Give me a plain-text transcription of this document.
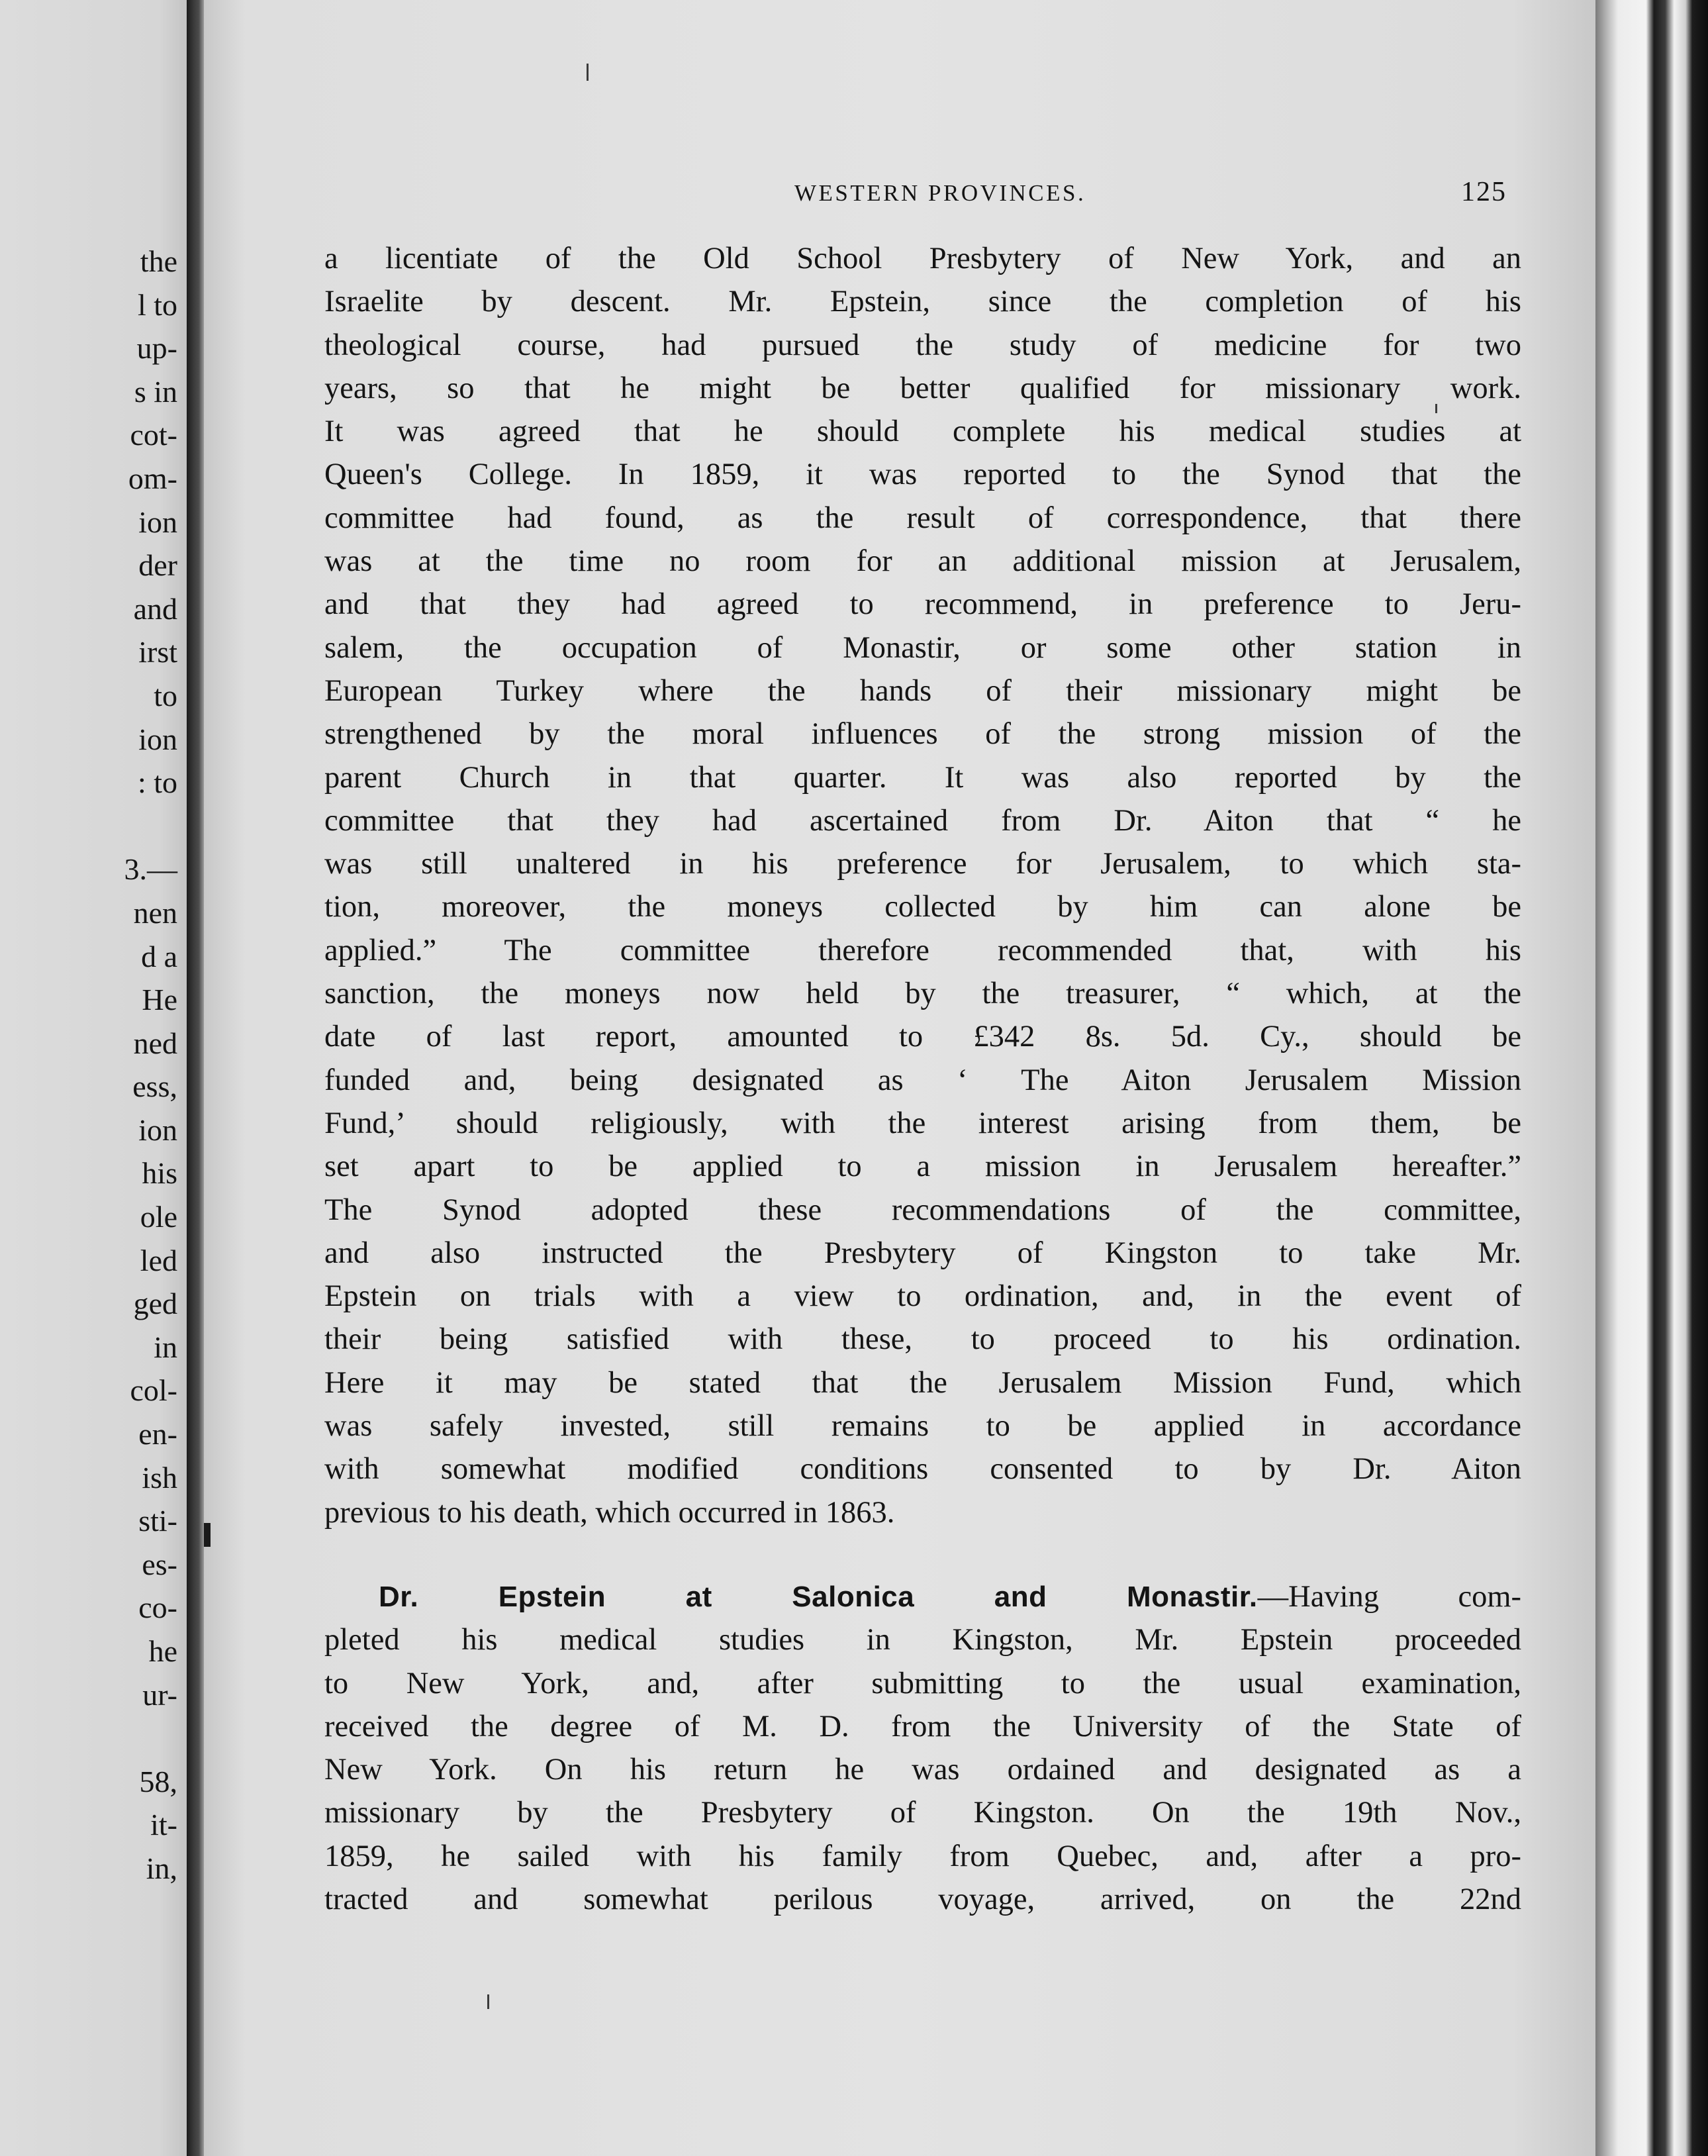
the
l to
up-
s in
cot-
om-
ion
der
and
irst
to
ion
: to
3.—
nen
d a
He
ned
ess,
ion
his
ole
led
ged
in
col-
en-
ish
sti-
es-
co-
he
ur-
58,
it-
in,
WESTERN PROVINCES.	125
a licentiate of the Old School Presbytery of New York, and an
Israelite by descent. Mr. Epstein, since the completion of his
theological course, had pursued the study of medicine for two
years, so that he might be better qualified for missionary work.
It was agreed that he should complete his medical studies at
Queen's College. In 1859, it was reported to the Synod that the
committee had found, as the result of correspondence, that there
was at the time no room for an additional mission at Jerusalem,
and that they had agreed to recommend, in preference to Jeru-
salem, the occupation of Monastir, or some other station in
European Turkey where the hands of their missionary might be
strengthened by the moral influences of the strong mission of the
parent Church in that quarter. It was also reported by the
committee that they had ascertained from Dr. Aiton that “ he
was still unaltered in his preference for Jerusalem, to which sta-
tion, moreover, the moneys collected by him can alone be
applied.” The committee therefore recommended that, with his
sanction, the moneys now held by the treasurer, “ which, at the
date of last report, amounted to £342 8s. 5d. Cy., should be
funded and, being designated as ‘ The Aiton Jerusalem Mission
Fund,’ should religiously, with the interest arising from them, be
set apart to be applied to a mission in Jerusalem hereafter.”
The Synod adopted these recommendations of the committee,
and also instructed the Presbytery of Kingston to take Mr.
Epstein on trials with a view to ordination, and, in the event of
their being satisfied with these, to proceed to his ordination.
Here it may be stated that the Jerusalem Mission Fund, which
was safely invested, still remains to be applied in accordance
with somewhat modified conditions consented to by Dr. Aiton
previous to his death, which occurred in 1863.
Dr. Epstein at Salonica and Monastir.—Having com-
pleted his medical studies in Kingston, Mr. Epstein proceeded
to New York, and, after submitting to the usual examination,
received the degree of M. D. from the University of the State of
New York. On his return he was ordained and designated as a
missionary by the Presbytery of Kingston. On the 19th Nov.,
1859, he sailed with his family from Quebec, and, after a pro-
tracted and somewhat perilous voyage, arrived, on the 22nd
